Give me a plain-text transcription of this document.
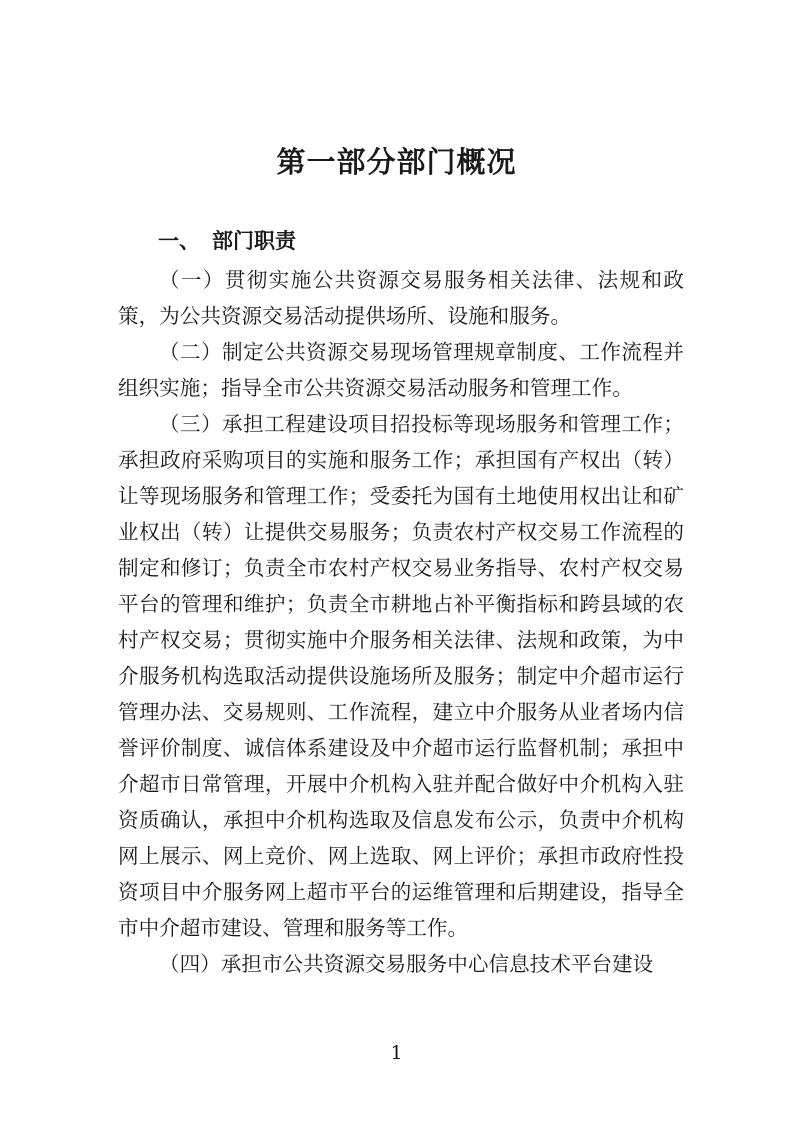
第一部分部门概况
一、 部门职责

（一）贯彻实施公共资源交易服务相关法律、法规和政策，为公共资源交易活动提供场所、设施和服务。

（二）制定公共资源交易现场管理规章制度、工作流程并组织实施；指导全市公共资源交易活动服务和管理工作。

（三）承担工程建设项目招投标等现场服务和管理工作；承担政府采购项目的实施和服务工作；承担国有产权出（转）让等现场服务和管理工作；受委托为国有土地使用权出让和矿业权出（转）让提供交易服务；负责农村产权交易工作流程的制定和修订；负责全市农村产权交易业务指导、农村产权交易平台的管理和维护；负责全市耕地占补平衡指标和跨县域的农村产权交易；贯彻实施中介服务相关法律、法规和政策，为中介服务机构选取活动提供设施场所及服务；制定中介超市运行管理办法、交易规则、工作流程，建立中介服务从业者场内信誉评价制度、诚信体系建设及中介超市运行监督机制；承担中介超市日常管理，开展中介机构入驻并配合做好中介机构入驻资质确认，承担中介机构选取及信息发布公示，负责中介机构网上展示、网上竞价、网上选取、网上评价；承担市政府性投资项目中介服务网上超市平台的运维管理和后期建设，指导全市中介超市建设、管理和服务等工作。

（四）承担市公共资源交易服务中心信息技术平台建设

1
